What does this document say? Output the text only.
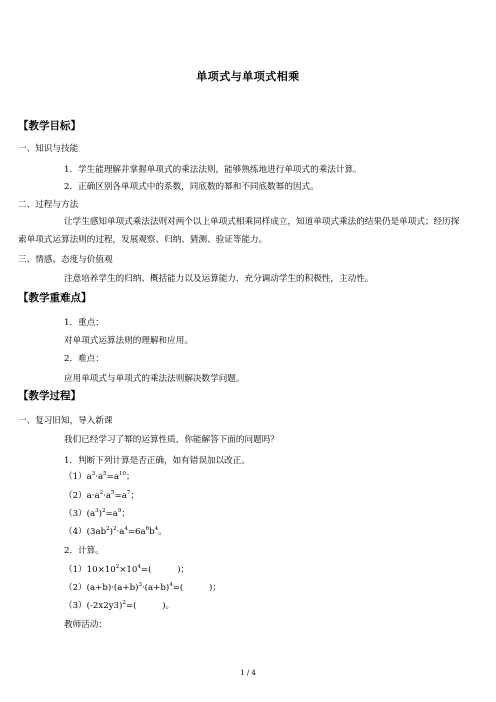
单项式与单项式相乘
【教学目标】
一、知识与技能
1．学生能理解并掌握单项式的乘法法则，能够熟练地进行单项式的乘法计算。
2．正确区别各单项式中的系数，同底数的幂和不同底数幂的因式。
二、过程与方法
让学生感知单项式乘法法则对两个以上单项式相乘同样成立，知道单项式乘法的结果仍是单项式；经历探索单项式运算法则的过程，发展观察、归纳、猜测、验证等能力。
三、情感、态度与价值观
注意培养学生的归纳、概括能力以及运算能力，充分调动学生的积极性，主动性。
【教学重难点】
1．重点：
对单项式运算法则的理解和应用。
2．难点：
应用单项式与单项式的乘法法则解决数学问题。
【教学过程】
一、复习旧知，导入新课
我们已经学习了幂的运算性质，你能解答下面的问题吗？
1．判断下列计算是否正确，如有错误加以改正。
$(1)a^3\cdot a^5=a^{10}$；
$(2)a\cdot a^2\cdot a^5=a^7$；
$(3)(a^3)^2=a^9$；
$(4)(3ab^2)^2\cdot a^4=6a^6b^4$。
2．计算。
$(1)10\times 10^2\times 10^4=$(　　　)；
$(2)(a+b)\cdot(a+b)^3\cdot(a+b)^4=$(　　　)；
$(3)(-2x2y3)^2=$(　　　)。
教师活动：
1 / 4
